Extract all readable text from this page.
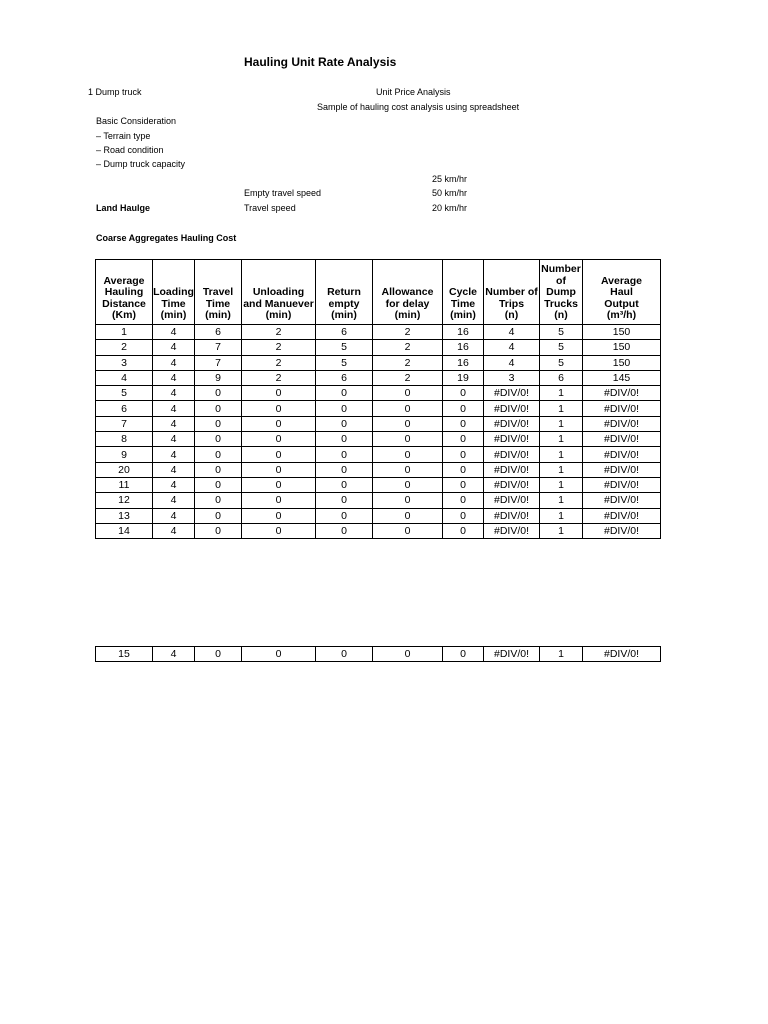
Hauling Unit Rate Analysis
1 Dump truck	Unit Price Analysis
Sample of hauling cost analysis using spreadsheet
Basic Consideration
– Terrain type
– Road condition
– Dump truck capacity
25 km/hr
Empty travel speed	50 km/hr
Land Haulge	Travel speed	20 km/hr
Coarse Aggregates Hauling Cost
Average
Hauling
Distance
(Km)	Loading
Time
(min)	Travel
Time
(min)	Unloading
and Manuever
(min)	Return
empty
(min)	Allowance
for delay
(min)	Cycle
Time
(min)	Number of
Trips
(n)	Number
of Dump
Trucks
(n)	Average
Haul
Output
(m³/h)

1	4	6	2	6	2	16	4	5	150
2	4	7	2	5	2	16	4	5	150
3	4	7	2	5	2	16	4	5	150
4	4	9	2	6	2	19	3	6	145
5	4	0	0	0	0	0	#DIV/0!	1	#DIV/0!
6	4	0	0	0	0	0	#DIV/0!	1	#DIV/0!
7	4	0	0	0	0	0	#DIV/0!	1	#DIV/0!
8	4	0	0	0	0	0	#DIV/0!	1	#DIV/0!
9	4	0	0	0	0	0	#DIV/0!	1	#DIV/0!
20	4	0	0	0	0	0	#DIV/0!	1	#DIV/0!
11	4	0	0	0	0	0	#DIV/0!	1	#DIV/0!
12	4	0	0	0	0	0	#DIV/0!	1	#DIV/0!
13	4	0	0	0	0	0	#DIV/0!	1	#DIV/0!
14	4	0	0	0	0	0	#DIV/0!	1	#DIV/0!
15	4	0	0	0	0	0	#DIV/0!	1	#DIV/0!
